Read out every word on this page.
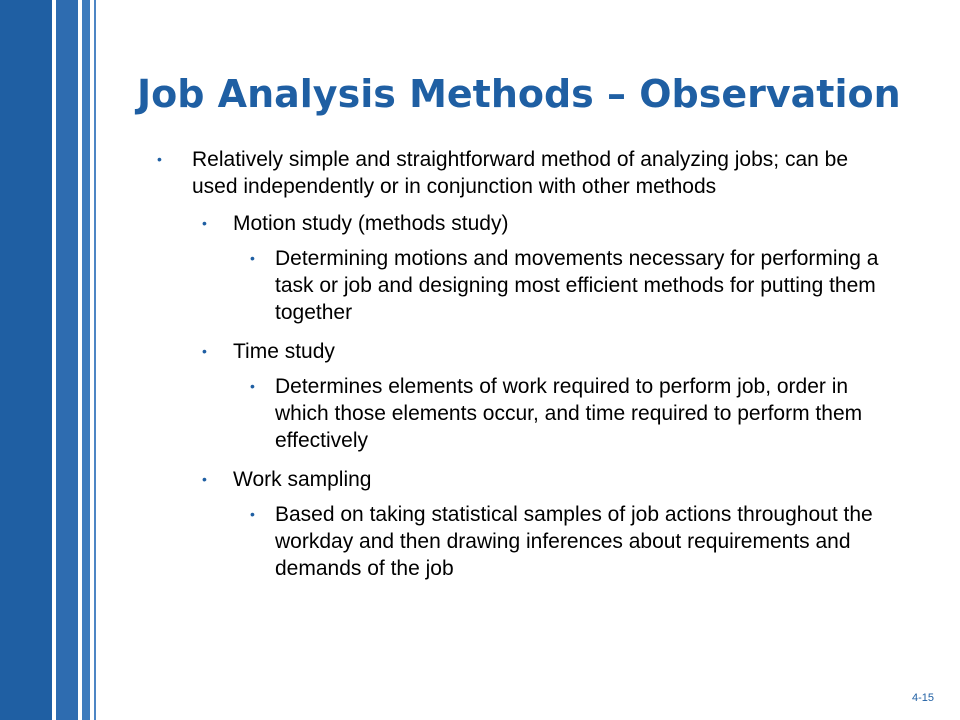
Job Analysis Methods – Observation
• Relatively simple and straightforward method of analyzing jobs; can be used independently or in conjunction with other methods
• Motion study (methods study)
• Determining motions and movements necessary for performing a task or job and designing most efficient methods for putting them together
• Time study
• Determines elements of work required to perform job, order in which those elements occur, and time required to perform them effectively
• Work sampling
• Based on taking statistical samples of job actions throughout the workday and then drawing inferences about requirements and demands of the job
4-15
